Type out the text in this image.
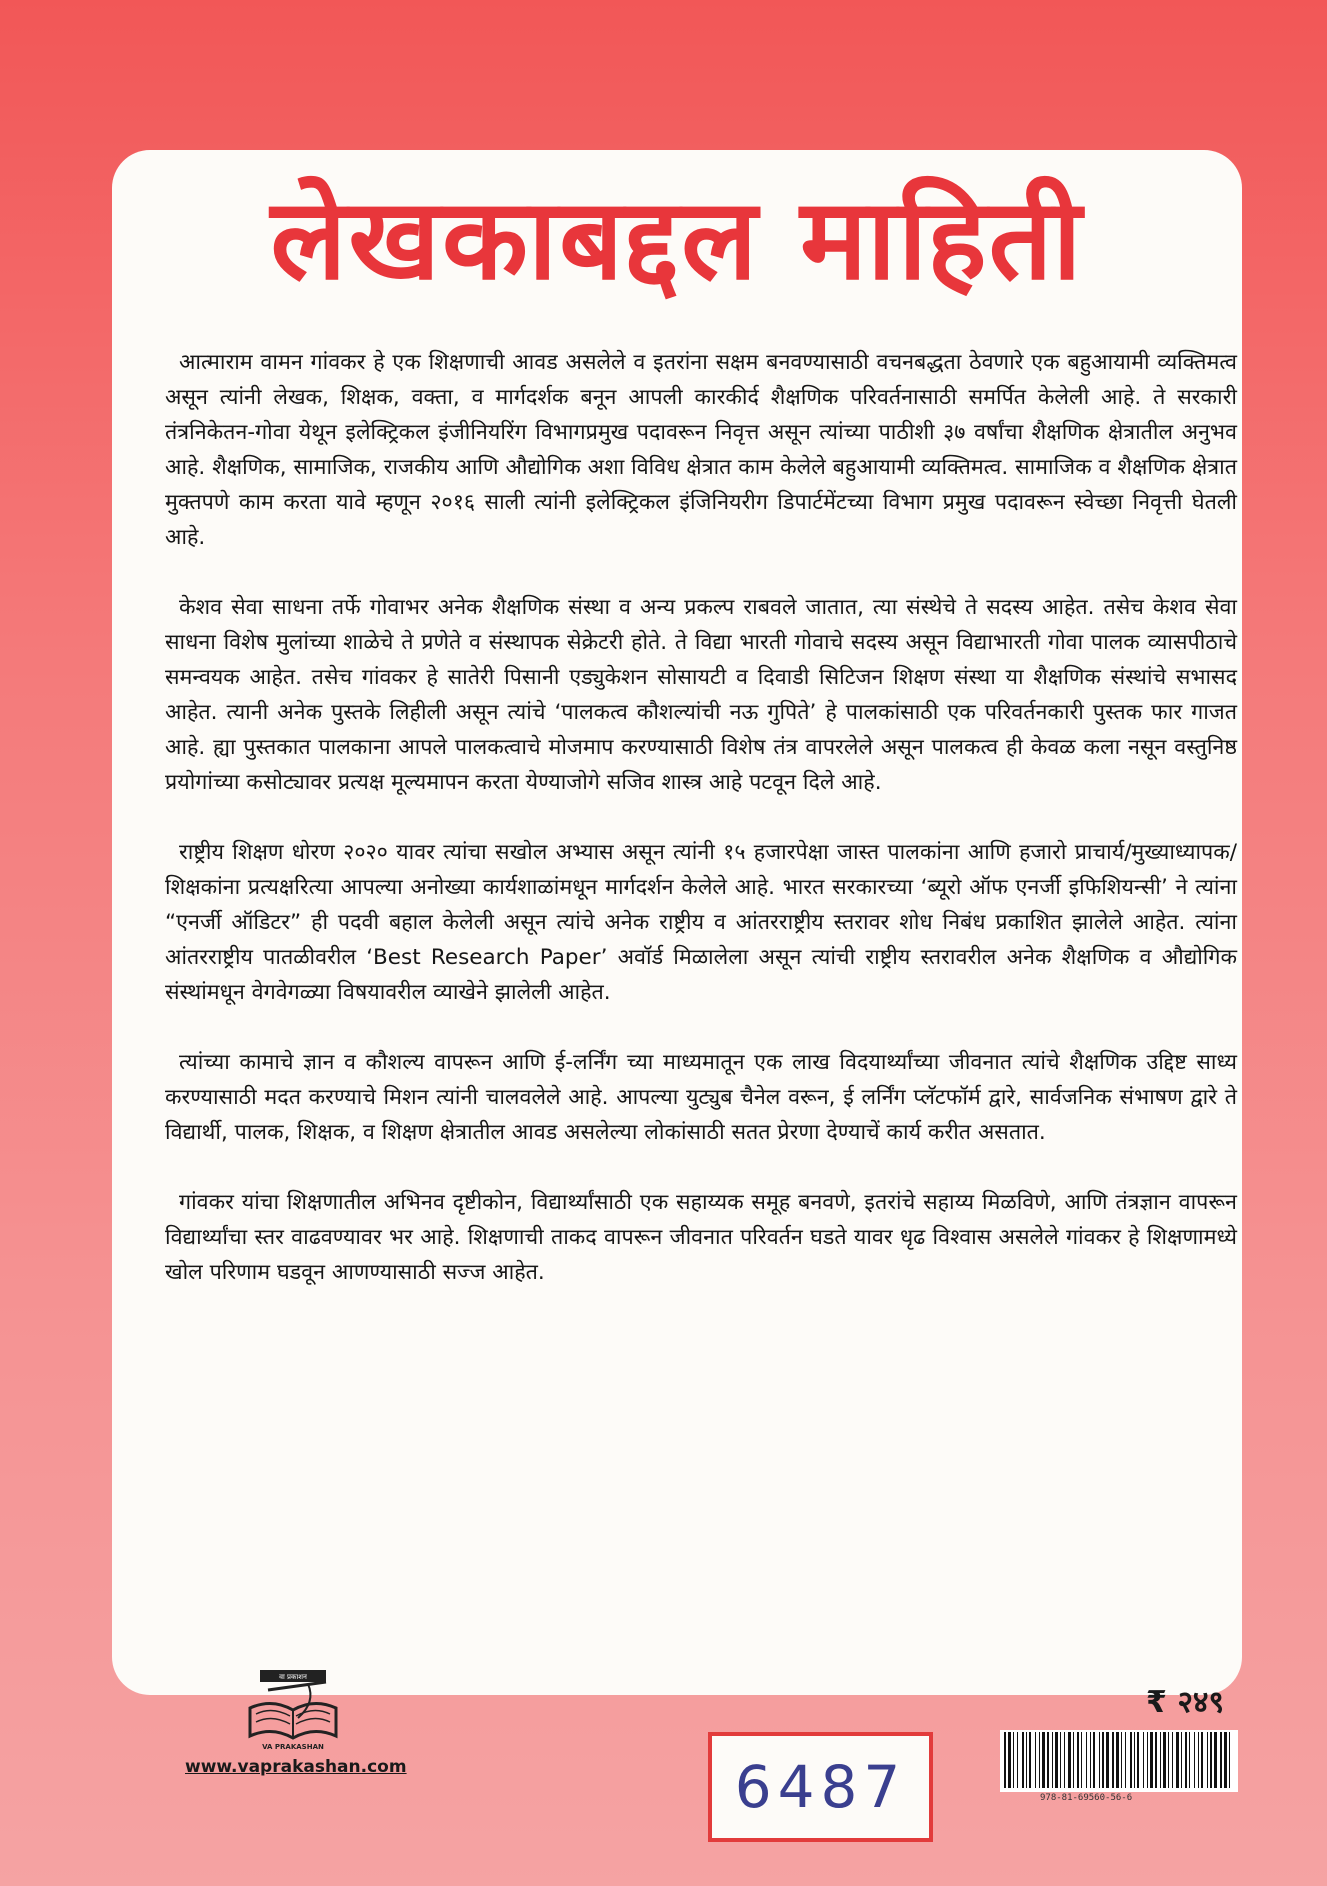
लेखकाबद्दल माहिती

आत्माराम वामन गांवकर हे एक शिक्षणाची आवड असलेले व इतरांना सक्षम बनवण्यासाठी वचनबद्धता ठेवणारे एक बहुआयामी व्यक्तिमत्व असून त्यांनी लेखक, शिक्षक, वक्ता, व मार्गदर्शक बनून आपली कारकीर्द शैक्षणिक परिवर्तनासाठी समर्पित केलेली आहे. ते सरकारी तंत्रनिकेतन-गोवा येथून इलेक्ट्रिकल इंजीनियरिंग विभागप्रमुख पदावरून निवृत्त असून त्यांच्या पाठीशी ३७ वर्षांचा शैक्षणिक क्षेत्रातील अनुभव आहे. शैक्षणिक, सामाजिक, राजकीय आणि औद्योगिक अशा विविध क्षेत्रात काम केलेले बहुआयामी व्यक्तिमत्व. सामाजिक व शैक्षणिक क्षेत्रात मुक्तपणे काम करता यावे म्हणून २०१६ साली त्यांनी इलेक्ट्रिकल इंजिनियरीग डिपार्टमेंटच्या विभाग प्रमुख पदावरून स्वेच्छा निवृत्ती घेतली आहे.

केशव सेवा साधना तर्फे गोवाभर अनेक शैक्षणिक संस्था व अन्य प्रकल्प राबवले जातात, त्या संस्थेचे ते सदस्य आहेत. तसेच केशव सेवा साधना विशेष मुलांच्या शाळेचे ते प्रणेते व संस्थापक सेक्रेटरी होते. ते विद्या भारती गोवाचे सदस्य असून विद्याभारती गोवा पालक व्यासपीठाचे समन्वयक आहेत. तसेच गांवकर हे सातेरी पिसानी एड्युकेशन सोसायटी व दिवाडी सिटिजन शिक्षण संस्था या शैक्षणिक संस्थांचे सभासद आहेत. त्यानी अनेक पुस्तके लिहीली असून त्यांचे ‘पालकत्व कौशल्यांची नऊ गुपिते’ हे पालकांसाठी एक परिवर्तनकारी पुस्तक फार गाजत आहे. ह्या पुस्तकात पालकाना आपले पालकत्वाचे मोजमाप करण्यासाठी विशेष तंत्र वापरलेले असून पालकत्व ही केवळ कला नसून वस्तुनिष्ठ प्रयोगांच्या कसोट्यावर प्रत्यक्ष मूल्यमापन करता येण्याजोगे सजिव शास्त्र आहे पटवून दिले आहे.

राष्ट्रीय शिक्षण धोरण २०२० यावर त्यांचा सखोल अभ्यास असून त्यांनी १५ हजारपेक्षा जास्त पालकांना आणि हजारो प्राचार्य/मुख्याध्यापक/शिक्षकांना प्रत्यक्षरित्या आपल्या अनोख्या कार्यशाळांमधून मार्गदर्शन केलेले आहे. भारत सरकारच्या ‘ब्यूरो ऑफ एनर्जी इफिशियन्सी’ ने त्यांना “एनर्जी ऑडिटर” ही पदवी बहाल केलेली असून त्यांचे अनेक राष्ट्रीय व आंतरराष्ट्रीय स्तरावर शोध निबंध प्रकाशित झालेले आहेत. त्यांना आंतरराष्ट्रीय पातळीवरील ‘Best Research Paper’ अवॉर्ड मिळालेला असून त्यांची राष्ट्रीय स्तरावरील अनेक शैक्षणिक व औद्योगिक संस्थांमधून वेगवेगळ्या विषयावरील व्याखेने झालेली आहेत.

त्यांच्या कामाचे ज्ञान व कौशल्य वापरून आणि ई-लर्निंग च्या माध्यमातून एक लाख विदयार्थ्यांच्या जीवनात त्यांचे शैक्षणिक उद्दिष्ट साध्य करण्यासाठी मदत करण्याचे मिशन त्यांनी चालवलेले आहे. आपल्या युट्युब चैनेल वरून, ई लर्निंग प्लॅटफॉर्म द्वारे, सार्वजनिक संभाषण द्वारे ते विद्यार्थी, पालक, शिक्षक, व शिक्षण क्षेत्रातील आवड असलेल्या लोकांसाठी सतत प्रेरणा देण्याचें कार्य करीत असतात.

गांवकर यांचा शिक्षणातील अभिनव दृष्टीकोन, विद्यार्थ्यांसाठी एक सहाय्यक समूह बनवणे, इतरांचे सहाय्य मिळविणे, आणि तंत्रज्ञान वापरून विद्यार्थ्यांचा स्तर वाढवण्यावर भर आहे. शिक्षणाची ताकद वापरून जीवनात परिवर्तन घडते यावर धृढ विश्वास असलेले गांवकर हे शिक्षणामध्ये खोल परिणाम घडवून आणण्यासाठी सज्ज आहेत.

वा प्रकाशन
VA PRAKASHAN
www.vaprakashan.com	6487
₹ २४९
978-81-69560-56-6
